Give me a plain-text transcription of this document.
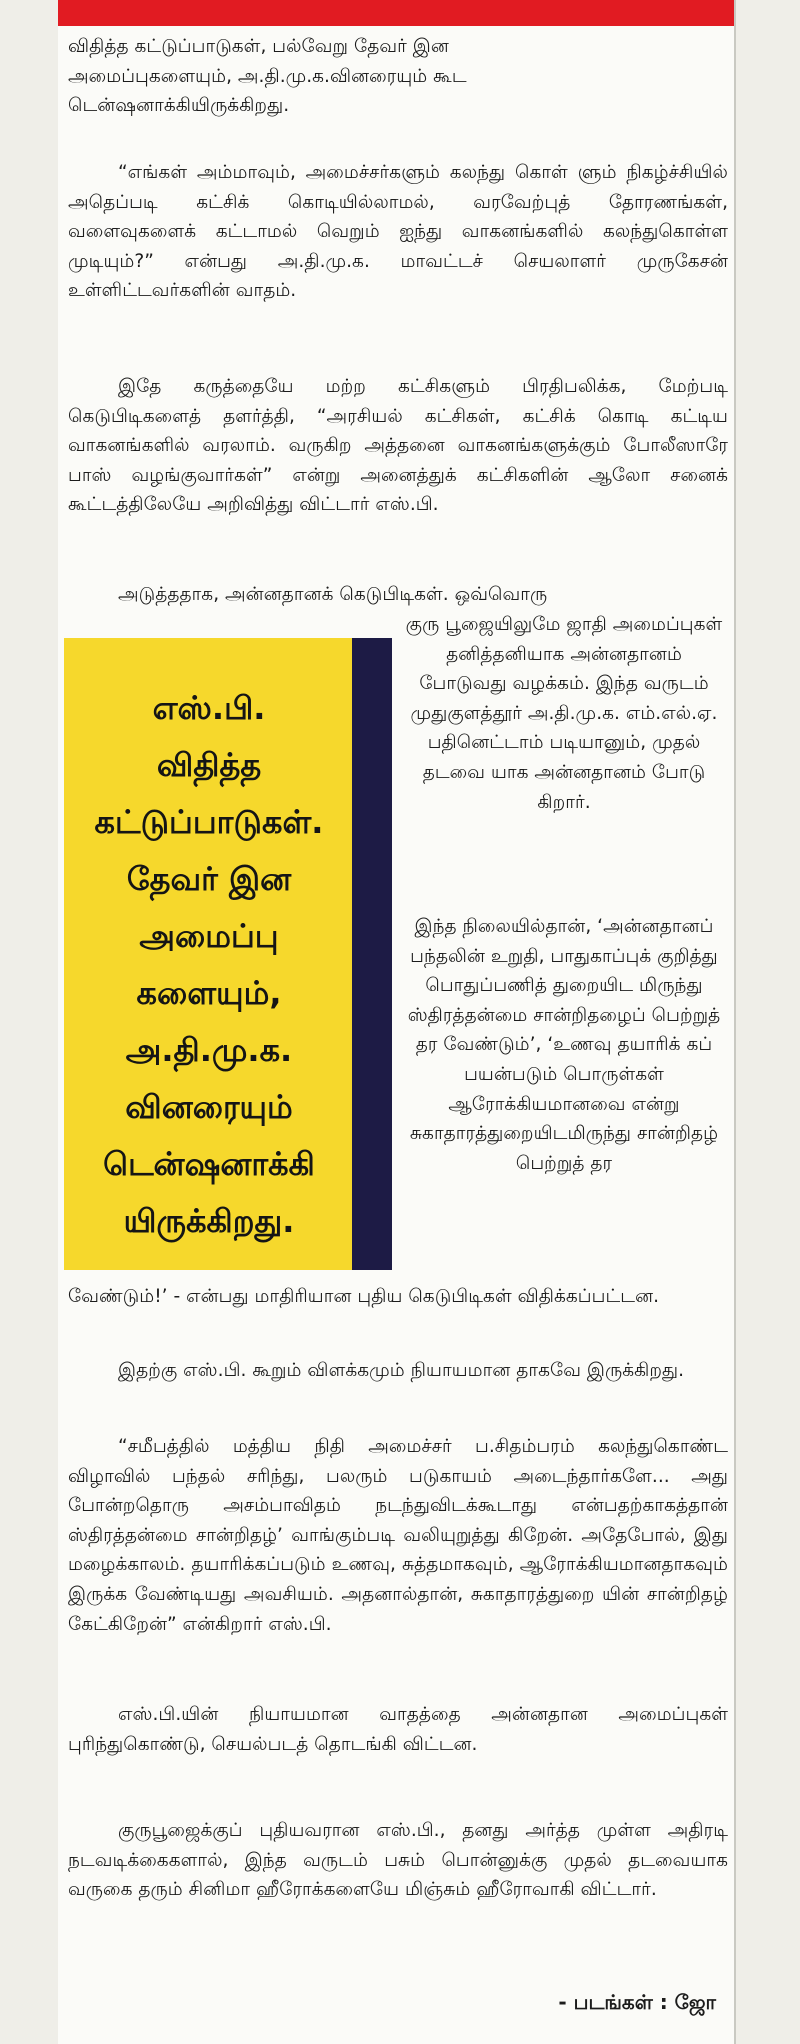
விதித்த கட்டுப்பாடுகள், பல்வேறு தேவர் இன
அமைப்புகளையும், அ.தி.மு.க.வினரையும் கூட
டென்ஷனாக்கியிருக்கிறது.
“எங்கள் அம்மாவும், அமைச்சர்களும் கலந்து கொள் ளும் நிகழ்ச்சியில் அதெப்படி கட்சிக் கொடியில்லாமல், வரவேற்புத் தோரணங்கள், வளைவுகளைக் கட்டாமல் வெறும் ஐந்து வாகனங்களில் கலந்துகொள்ள முடியும்?” என்பது அ.தி.மு.க. மாவட்டச் செயலாளர் முருகேசன் உள்ளிட்டவர்களின் வாதம்.
இதே கருத்தையே மற்ற கட்சிகளும் பிரதிபலிக்க, மேற்படி கெடுபிடிகளைத் தளர்த்தி, “அரசியல் கட்சிகள், கட்சிக் கொடி கட்டிய வாகனங்களில் வரலாம். வருகிற அத்தனை வாகனங்களுக்கும் போலீஸாரே பாஸ் வழங்குவார்கள்” என்று அனைத்துக் கட்சிகளின் ஆலோ சனைக் கூட்டத்திலேயே அறிவித்து விட்டார் எஸ்.பி.
அடுத்ததாக, அன்னதானக் கெடுபிடிகள். ஒவ்வொரு
எஸ்.பி.
விதித்த
கட்டுப்பாடுகள்.
தேவர் இன
அமைப்பு
களையும்,
அ.தி.மு.க.
வினரையும்
டென்ஷனாக்கி
யிருக்கிறது.
குரு பூஜையிலுமே ஜாதி அமைப்புகள் தனித்தனியாக அன்னதானம் போடுவது வழக்கம். இந்த வருடம் முதுகுளத்தூர் அ.தி.மு.க. எம்.எல்.ஏ. பதினெட்டாம் படியானும், முதல் தடவை யாக அன்னதானம் போடு கிறார்.
இந்த நிலையில்தான், ‘அன்னதானப் பந்தலின் உறுதி, பாதுகாப்புக் குறித்து பொதுப்பணித் துறையிட மிருந்து ஸ்திரத்தன்மை சான்றிதழைப் பெற்றுத் தர வேண்டும்’, ‘உணவு தயாரிக் கப் பயன்படும் பொருள்கள் ஆரோக்கியமானவை என்று சுகாதாரத்துறையிடமிருந்து சான்றிதழ் பெற்றுத் தர
வேண்டும்!’ - என்பது மாதிரியான புதிய கெடுபிடிகள் விதிக்கப்பட்டன.
இதற்கு எஸ்.பி. கூறும் விளக்கமும் நியாயமான தாகவே இருக்கிறது.
“சமீபத்தில் மத்திய நிதி அமைச்சர் ப.சிதம்பரம் கலந்துகொண்ட விழாவில் பந்தல் சரிந்து, பலரும் படுகாயம் அடைந்தார்களே... அது போன்றதொரு அசம்பாவிதம் நடந்துவிடக்கூடாது என்பதற்காகத்தான் ஸ்திரத்தன்மை சான்றிதழ்’ வாங்கும்படி வலியுறுத்து கிறேன். அதேபோல், இது மழைக்காலம். தயாரிக்கப்படும் உணவு, சுத்தமாகவும், ஆரோக்கியமானதாகவும் இருக்க வேண்டியது அவசியம். அதனால்தான், சுகாதாரத்துறை யின் சான்றிதழ் கேட்கிறேன்” என்கிறார் எஸ்.பி.
எஸ்.பி.யின் நியாயமான வாதத்தை அன்னதான அமைப்புகள் புரிந்துகொண்டு, செயல்படத் தொடங்கி விட்டன.
குருபூஜைக்குப் புதியவரான எஸ்.பி., தனது அர்த்த முள்ள அதிரடி நடவடிக்கைகளால், இந்த வருடம் பசும் பொன்னுக்கு முதல் தடவையாக வருகை தரும் சினிமா ஹீரோக்களையே மிஞ்சும் ஹீரோவாகி விட்டார்.
- படங்கள் : ஜோ
